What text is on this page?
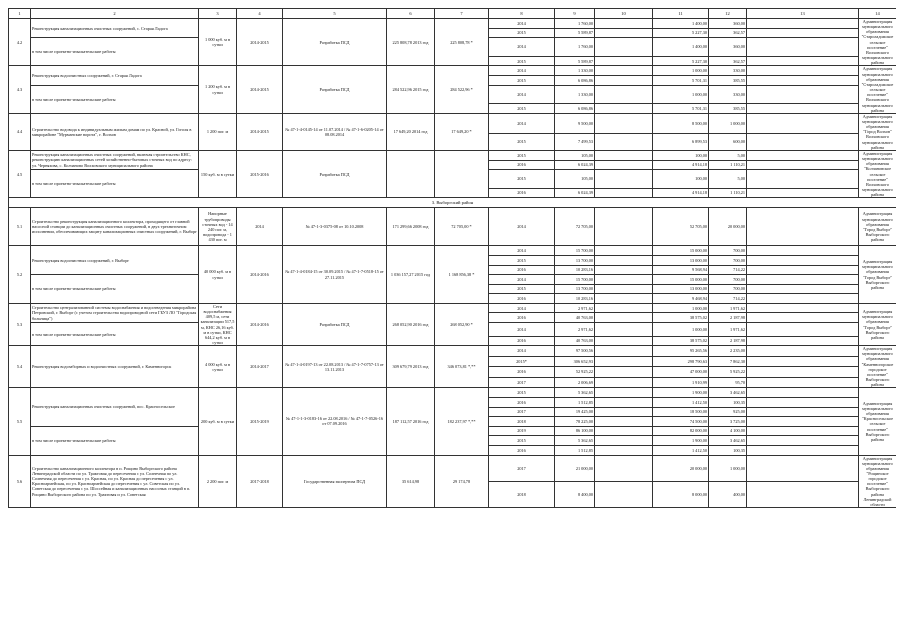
1	2	3	4	5	6	7	8	9	10	11	12	13	14	
4.2	Реконструкция канализационных очистных сооружений, с. Старая Ладога	1 000 куб. м в сутки	2014-2015	Разработка ПСД	225 808,78 2013 год	225 808,78 *	2014	1 760,00		1 400,00	360,00		Администрация муниципального образования "Староладожское сельское поселение" Волховского муниципального района	
							2015	5 589,87		5 227,30	362,57			
	в том числе проектно-изыскательские работы						2014	1 760,00		1 400,00	360,00			
							2015	5 589,87		5 227,30	362,57			
4.3	Реконструкция водоочистных сооружений, г. Старая Ладога	1 200 куб. м в сутки	2014-2015	Разработка ПСД	284 522,96 2015 год	284 522,96 *	2014	1 330,00		1 000,00	330,00		Администрация муниципального образования "Староладожское сельское поселение" Волховского муниципального района	
							2015	6 086,86		5 701,31	385,55			
	в том числе проектно-изыскательские работы						2014	1 330,00		1 000,00	330,00			
							2015	6 086,86		5 701,31	385,55			
4.4	Строительство водовода к индивидуальным жилым домам по ул. Красной, ул. Гоголя в микрорайоне "Мурманские ворота", г. Волхов	1 200 пог. м	2014-2015	№ 47-1-4-0145-14 от 11.07.2014 / № 47-1-6-0205-14 от 08.08.2014	17 649,20 2014 год	17 649,20 *	2014	9 500,00		8 500,00	1 000,00		Администрация муниципального образования "Город Волхов" Волховского муниципального района	
							2015	7 499,53		6 899,53	600,00			
4.5	Реконструкция канализационных очистных сооружений, включая строительство КНС, реконструкцию канализационных сетей хозяйственно-бытовых сточных вод по адресу: ул. Черняхова, с. Колчаново Волховского муниципального района	150 куб. м в сутки	2015-2016	Разработка ПСД			2015	105,00		100,00	5,00		Администрация муниципального образования "Колчановское сельское поселение" Волховского муниципального района	
							2016	6 024,39		4 914,18	1 110,21			
	в том числе проектно-изыскательские работы						2015	105,00		100,00	5,00			
							2016	6 024,39		4 914,18	1 110,21			
3. Выборгский район														
5.1	Строительство реконструкция канализационного коллектора, проходящего от главной насосной станции до канализационных очистных сооружений, в двух трехниточном исполнении, обеспечивающих защиту канализационных очистных сооружений, г. Выборг	Напорные трубопроводы сточных вод - 14 240 пог. м, водопровода - 1 430 пог. м	2014	№ 47-1-3-0375-08 от 10.10.2008	171 299,66 2008 год	72 705,00 *	2014	72 705,00		52 705,00	20 000,00		Администрация муниципального образования "Город Выборг" Выборгского района	
5.2	Реконструкция водоочистных сооружений, г. Выборг	40 000 куб. м в сутки	2014-2016	№ 47-1-4-0184-15 от 30.09.2015 / № 47-1-7-0518-15 от 27.11.2015	1 036 157,27 2015 год	1 168 856,38 *	2014	15 700,00		15 000,00	700,00		Администрация муниципального образования "Город Выборг" Выборгского района	
							2015	13 700,00		13 000,00	700,00			
							2016	10 283,16		9 568,94	714,22			
	в том числе проектно-изыскательские работы						2014	15 700,00		15 000,00	700,00			
							2015	13 700,00		13 000,00	700,00			
							2016	10 283,16		9 468,94	714,22			
5.3	Строительство централизованной системы водоснабжения и водоотведения микрорайона Петровский, г. Выборг (с учетом строительства водопроводной сети ГБУЗ ЛО "Городская больница")	Сети водоснабжения 409,5 м, сети канализации 517,5 м, КНС 26,16 куб. м в сутки, КНС 644,2 куб. м в сутки	2014-2016	Разработка ПСД	268 052,90 2016 год	268 052,90 *	2014	2 971,62		1 000,00	1 971,62		Администрация муниципального образования "Город Выборг" Выборгского района	
							2016	40 763,00		38 575,02	2 187,98			
	в том числе проектно-изыскательские работы						2014	2 971,62		1 000,00	1 971,62			
							2016	40 763,00		38 575,02	2 187,98			
5.4	Реконструкция водозаборных и водоочистных сооружений, г. Каменногорск	4 000 куб. м в сутки	2014-2017	№ 47-1-4-0197-13 от 22.08.2013 / № 47-1-7-0757-13 от 13.11.2013	309 679,79 2013 год	346 073,81 *,**	2014	97 500,56		95 265,56	2 235,00		Администрация муниципального образования "Каменногорское городское поселение" Выборгского района	
							2015*	306 652,93		298 790,63	7 862,30			
							2016	52 925,22		47 000,00	5 925,22			
							2017	2 006,69		1 910,99	95,70			
5.5	Реконструкция канализационных очистных сооружений, пос. Красносельское	200 куб. м в сутки	2015-2019	№ 47-1-1-3-0183-16 от 22.08.2016 / № 47-1-7-0526-16 от 07.09.2016	187 112,57 2016 год	182 237,97 *,**	2015	5 362,65		1 900,00	3 462,65		Администрация муниципального образования "Красносельское сельское поселение" Выборгского района	
							2016	1 512,85		1 412,50	100,35			
							2017	19 425,00		18 500,00	925,00			
							2018	78 225,00		74 500,00	3 725,00			
	в том числе проектно-изыскательские работы						2019	86 100,00		82 000,00	4 100,00			
							2015	5 362,65		1 900,00	3 462,65			
							2016	1 512,85		1 412,50	100,35			
5.6	Строительство канализационного коллектора в п. Рощино Выборгского района Ленинградской области по ул. Трактовая до пересечения с ул. Солнечная по ул. Солнечная до пересечения с ул. Красная, по ул. Красная до пересечения с ул. Красноармейская, по ул. Красноармейская до пересечения с ул. Советская по ул. Советская до пересечения с ул. Шоссейная и канализационных насосных станций в п. Рощино Выборгского района по ул. Трактовая и ул. Советская	2 200 пог. м	2017-2018	Государственная экспертиза ПСД	35 614,98	29 174,78	2017	21 000,00		20 000,00	1 000,00		Администрация муниципального образования "Рощинское городское поселение" Выборгского района Ленинградской области	
							2018	8 400,00		8 000,00	400,00			
